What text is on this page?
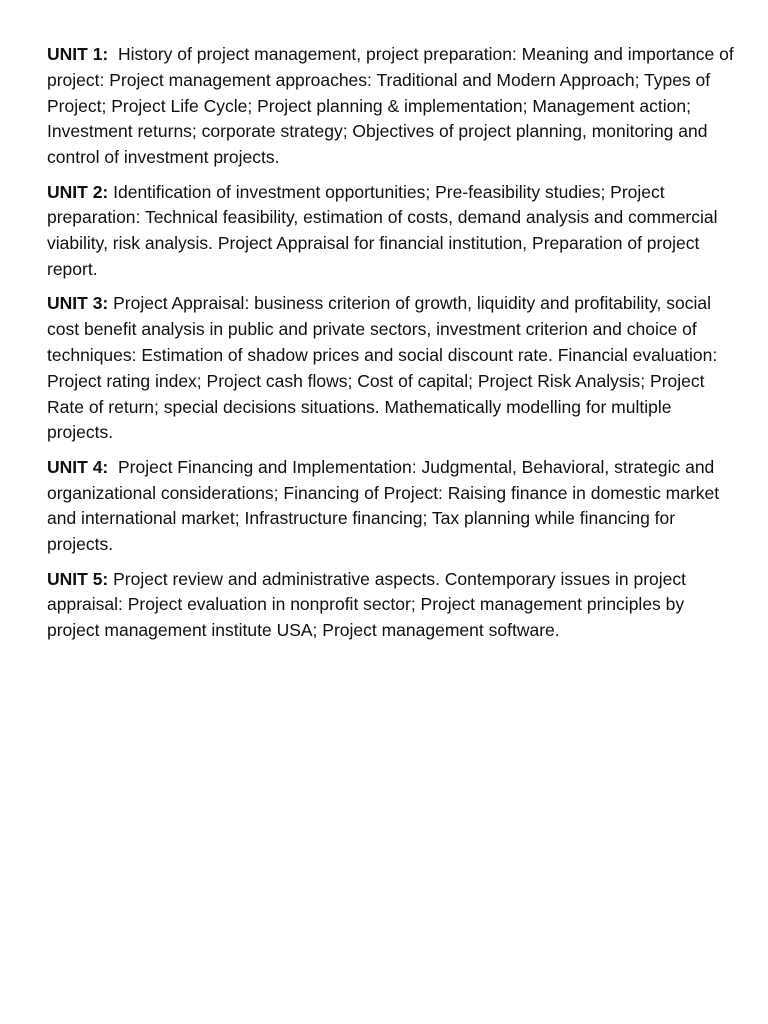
UNIT 1: History of project management, project preparation: Meaning and importance of project: Project management approaches: Traditional and Modern Approach; Types of Project; Project Life Cycle; Project planning & implementation; Management action; Investment returns; corporate strategy; Objectives of project planning, monitoring and control of investment projects.

UNIT 2: Identification of investment opportunities; Pre-feasibility studies; Project preparation: Technical feasibility, estimation of costs, demand analysis and commercial viability, risk analysis. Project Appraisal for financial institution, Preparation of project report.

UNIT 3: Project Appraisal: business criterion of growth, liquidity and profitability, social cost benefit analysis in public and private sectors, investment criterion and choice of techniques: Estimation of shadow prices and social discount rate. Financial evaluation: Project rating index; Project cash flows; Cost of capital; Project Risk Analysis; Project Rate of return; special decisions situations. Mathematically modelling for multiple projects.

UNIT 4: Project Financing and Implementation: Judgmental, Behavioral, strategic and organizational considerations; Financing of Project: Raising finance in domestic market and international market; Infrastructure financing; Tax planning while financing for projects.

UNIT 5: Project review and administrative aspects. Contemporary issues in project appraisal: Project evaluation in nonprofit sector; Project management principles by project management institute USA; Project management software.
